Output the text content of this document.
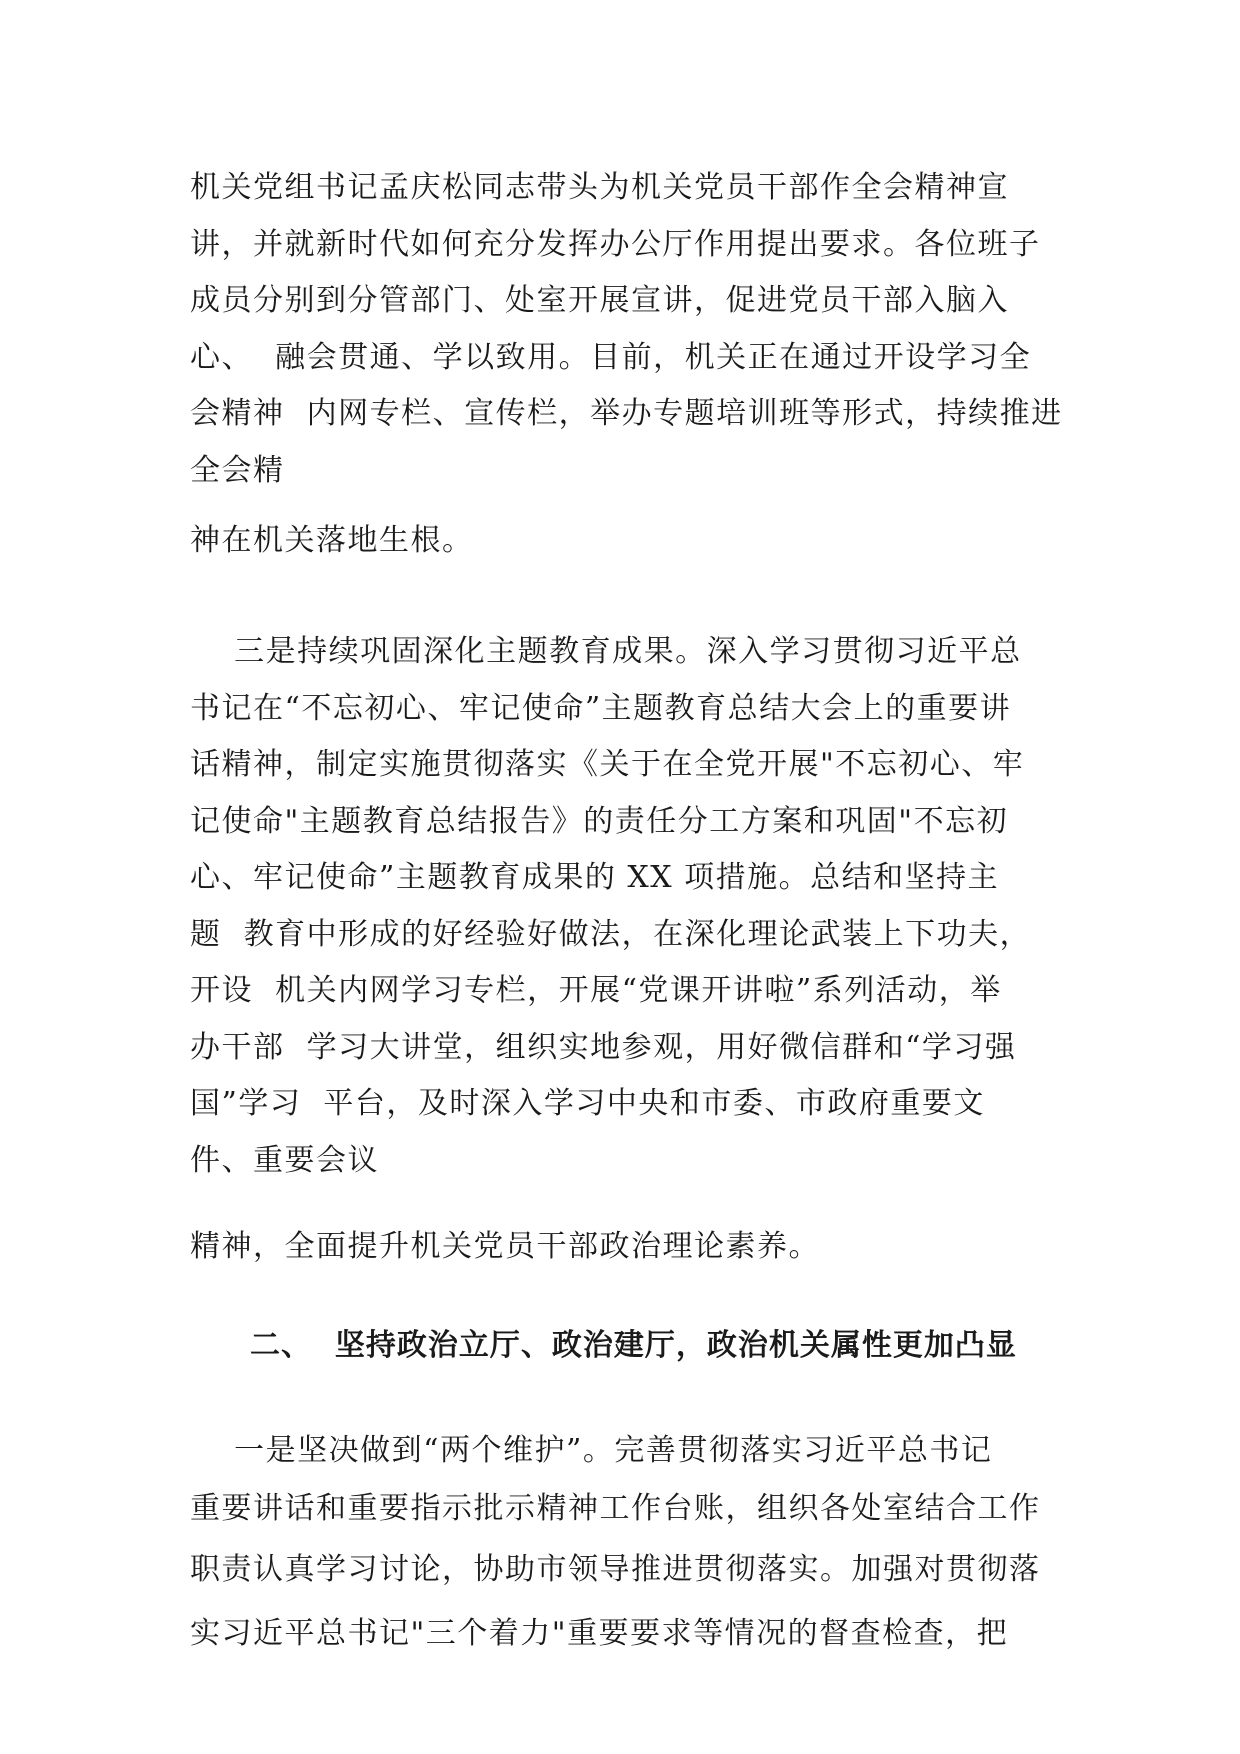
机关党组书记孟庆松同志带头为机关党员干部作全会精神宣
讲，并就新时代如何充分发挥办公厅作用提出要求。各位班子
成员分别到分管部门、处室开展宣讲，促进党员干部入脑入
心、  融会贯通、学以致用。目前，机关正在通过开设学习全
会精神  内网专栏、宣传栏，举办专题培训班等形式，持续推进
全会精
神在机关落地生根。
三是持续巩固深化主题教育成果。深入学习贯彻习近平总
书记在“不忘初心、牢记使命”主题教育总结大会上的重要讲
话精神，制定实施贯彻落实《关于在全党开展"不忘初心、牢
记使命"主题教育总结报告》的责任分工方案和巩固"不忘初
心、牢记使命”主题教育成果的 XX 项措施。总结和坚持主
题  教育中形成的好经验好做法，在深化理论武装上下功夫，
开设  机关内网学习专栏，开展“党课开讲啦”系列活动，举
办干部  学习大讲堂，组织实地参观，用好微信群和“学习强
国”学习  平台，及时深入学习中央和市委、市政府重要文
件、重要会议
精神，全面提升机关党员干部政治理论素养。
二、  坚持政治立厅、政治建厅，政治机关属性更加凸显
一是坚决做到“两个维护”。完善贯彻落实习近平总书记
重要讲话和重要指示批示精神工作台账，组织各处室结合工作
职责认真学习讨论，协助市领导推进贯彻落实。加强对贯彻落
实习近平总书记"三个着力"重要要求等情况的督查检查，把
